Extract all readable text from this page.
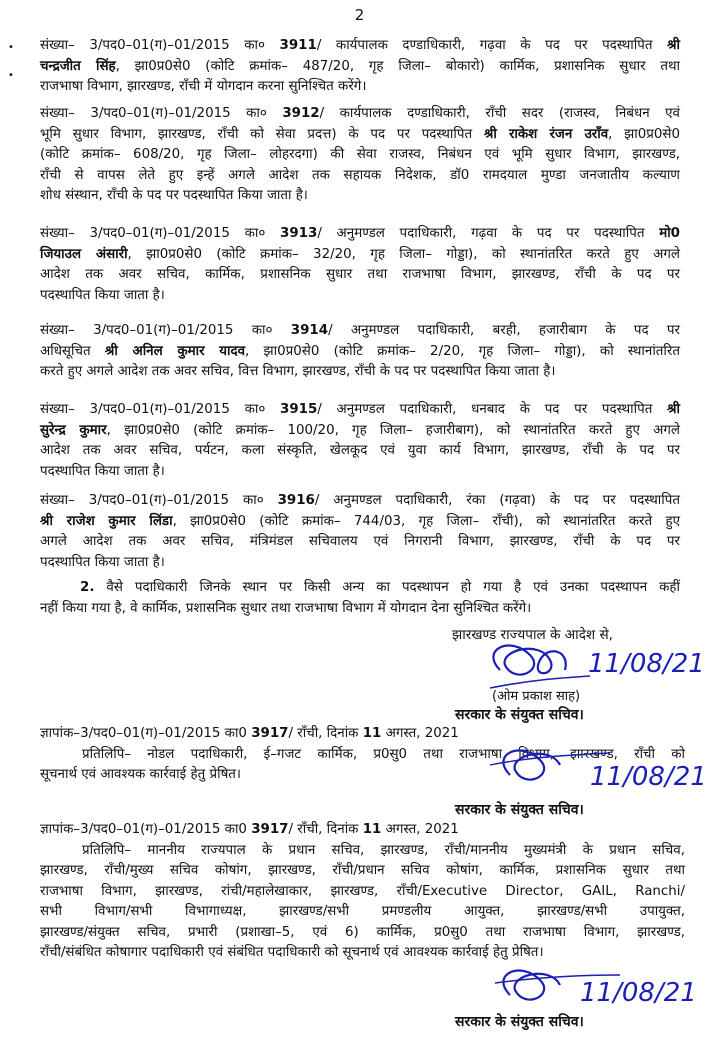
2
•
•
संख्या– 3/पद0–01(ग)–01/2015 का० 3911/ कार्यपालक दण्डाधिकारी, गढ़वा के पद पर पदस्थापित श्री
चन्द्रजीत सिंह, झा0प्र0से0 (कोटि क्रमांक– 487/20, गृह जिला– बोकारो) कार्मिक, प्रशासनिक सुधार तथा
राजभाषा विभाग, झारखण्ड, राँची में योगदान करना सुनिश्चित करेंगे।
संख्या– 3/पद0–01(ग)–01/2015 का० 3912/ कार्यपालक दण्डाधिकारी, राँची सदर (राजस्व, निबंधन एवं
भूमि सुधार विभाग, झारखण्ड, राँची को सेवा प्रदत्त) के पद पर पदस्थापित श्री राकेश रंजन उराँव, झा0प्र0से0
(कोटि क्रमांक– 608/20, गृह जिला– लोहरदगा) की सेवा राजस्व, निबंधन एवं भूमि सुधार विभाग, झारखण्ड,
राँची से वापस लेते हुए इन्हें अगले आदेश तक सहायक निदेशक, डॉ0 रामदयाल मुण्डा जनजातीय कल्याण
शोध संस्थान, राँची के पद पर पदस्थापित किया जाता है।
संख्या– 3/पद0–01(ग)–01/2015 का० 3913/ अनुमण्डल पदाधिकारी, गढ़वा के पद पर पदस्थापित मो0
जियाउल अंसारी, झा0प्र0से0 (कोटि क्रमांक– 32/20, गृह जिला– गोड्डा), को स्थानांतरित करते हुए अगले
आदेश तक अवर सचिव, कार्मिक, प्रशासनिक सुधार तथा राजभाषा विभाग, झारखण्ड, राँची के पद पर
पदस्थापित किया जाता है।
संख्या– 3/पद0–01(ग)–01/2015 का० 3914/ अनुमण्डल पदाधिकारी, बरही, हजारीबाग के पद पर
अधिसूचित श्री अनिल कुमार यादव, झा0प्र0से0 (कोटि क्रमांक– 2/20, गृह जिला– गोड्डा), को स्थानांतरित
करते हुए अगले आदेश तक अवर सचिव, वित्त विभाग, झारखण्ड, राँची के पद पर पदस्थापित किया जाता है।
संख्या– 3/पद0–01(ग)–01/2015 का० 3915/ अनुमण्डल पदाधिकारी, धनबाद के पद पर पदस्थापित श्री
सुरेन्द्र कुमार, झा0प्र0से0 (कोटि क्रमांक– 100/20, गृह जिला– हजारीबाग), को स्थानांतरित करते हुए अगले
आदेश तक अवर सचिव, पर्यटन, कला संस्कृति, खेलकूद एवं युवा कार्य विभाग, झारखण्ड, राँची के पद पर
पदस्थापित किया जाता है।
संख्या– 3/पद0–01(ग)–01/2015 का० 3916/ अनुमण्डल पदाधिकारी, रंका (गढ़वा) के पद पर पदस्थापित
श्री राजेश कुमार लिंडा, झा0प्र0से0 (कोटि क्रमांक– 744/03, गृह जिला– राँची), को स्थानांतरित करते हुए
अगले आदेश तक अवर सचिव, मंत्रिमंडल सचिवालय एवं निगरानी विभाग, झारखण्ड, राँची के पद पर
पदस्थापित किया जाता है।
2. वैसे पदाधिकारी जिनके स्थान पर किसी अन्य का पदस्थापन हो गया है एवं उनका पदस्थापन कहीं
नहीं किया गया है, वे कार्मिक, प्रशासनिक सुधार तथा राजभाषा विभाग में योगदान देना सुनिश्चित करेंगे।
झारखण्ड राज्यपाल के आदेश से,
11/08/21
(ओम प्रकाश साह)
सरकार के संयुक्त सचिव।
ज्ञापांक–3/पद0–01(ग)–01/2015 का0 3917/ राँची, दिनांक 11 अगस्त, 2021
प्रतिलिपि– नोडल पदाधिकारी, ई–गजट कार्मिक, प्र0सु0 तथा राजभाषा विभाग, झारखण्ड, राँची को
सूचनार्थ एवं आवश्यक कार्रवाई हेतु प्रेषित।	11/08/21
सरकार के संयुक्त सचिव।
ज्ञापांक–3/पद0–01(ग)–01/2015 का0 3917/ राँची, दिनांक 11 अगस्त, 2021
प्रतिलिपि– माननीय राज्यपाल के प्रधान सचिव, झारखण्ड, राँची/माननीय मुख्यमंत्री के प्रधान सचिव,
झारखण्ड, राँची/मुख्य सचिव कोषांग, झारखण्ड, राँची/प्रधान सचिव कोषांग, कार्मिक, प्रशासनिक सुधार तथा
राजभाषा विभाग, झारखण्ड, रांची/महालेखाकार, झारखण्ड, राँची/Executive Director, GAIL, Ranchi/
सभी विभाग/सभी विभागाध्यक्ष, झारखण्ड/सभी प्रमण्डलीय आयुक्त, झारखण्ड/सभी उपायुक्त,
झारखण्ड/संयुक्त सचिव, प्रभारी (प्रशाखा–5, एवं 6) कार्मिक, प्र0सु0 तथा राजभाषा विभाग, झारखण्ड,
राँची/संबंधित कोषागार पदाधिकारी एवं संबंधित पदाधिकारी को सूचनार्थ एवं आवश्यक कार्रवाई हेतु प्रेषित।
11/08/21
सरकार के संयुक्त सचिव।
